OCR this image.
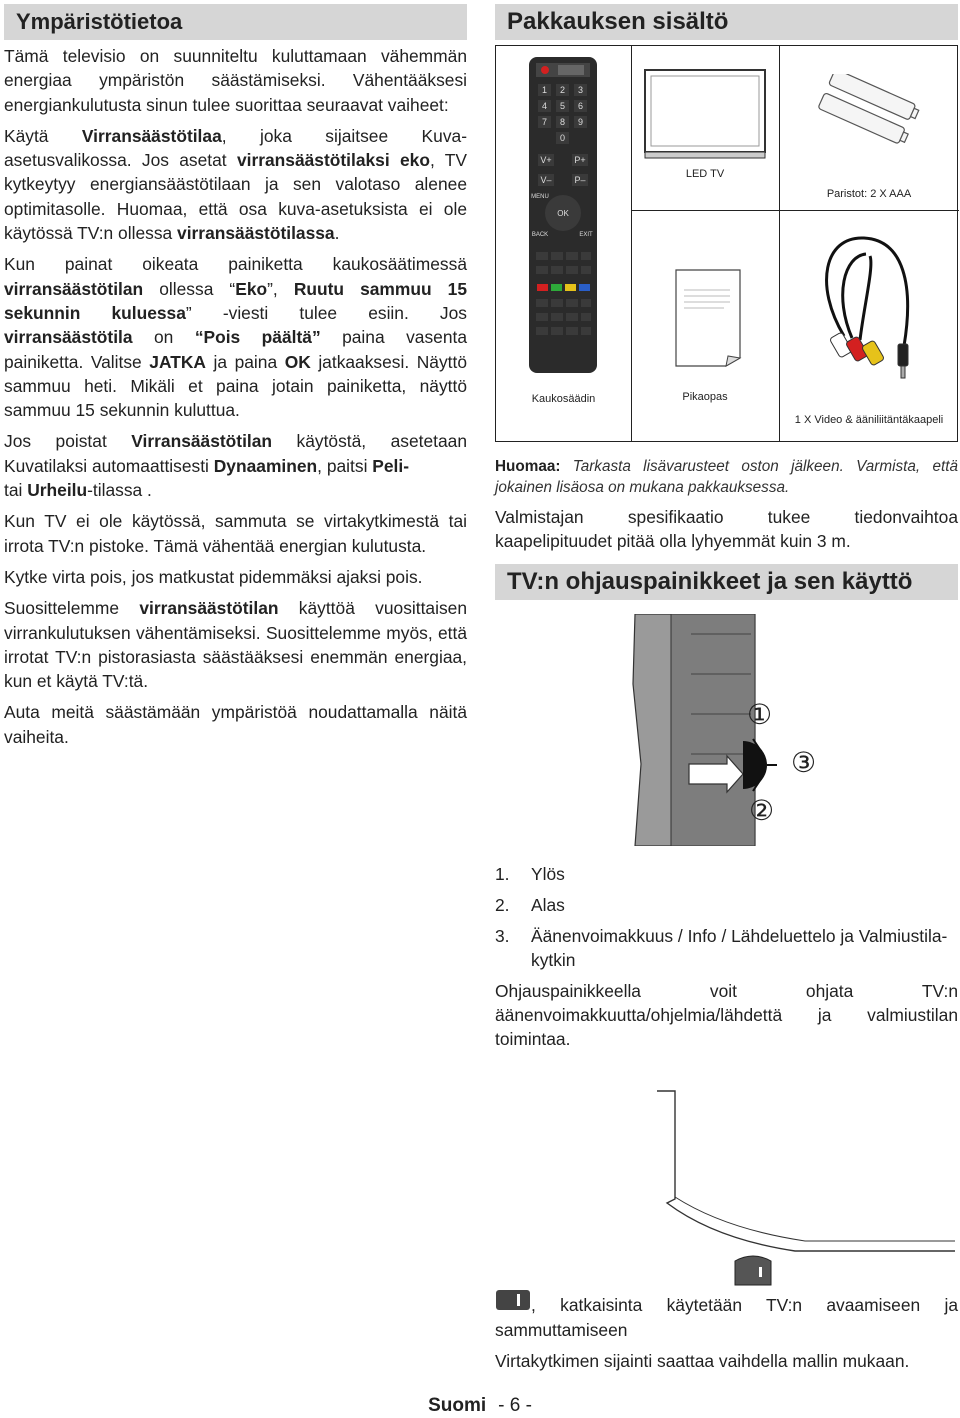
Ympäristötietoa

Tämä televisio on suunniteltu kuluttamaan vähemmän energiaa ympäristön säästämiseksi. Vähentääksesi energiankulutusta sinun tulee suorittaa seuraavat vaiheet:

Käytä Virransäästötilaa, joka sijaitsee Kuva-asetusvalikossa. Jos asetat virransäästötilaksi eko, TV kytkeytyy energiansäästötilaan ja sen valotaso alenee optimitasolle. Huomaa, että osa kuva-asetuksista ei ole käytössä TV:n ollessa virransäästötilassa.

Kun painat oikeata painiketta kaukosäätimessä virransäästötilan ollessa “Eko”, Ruutu sammuu 15 sekunnin kuluessa” -viesti tulee esiin. Jos virransäästötila on “Pois päältä” paina vasenta painiketta. Valitse JATKA ja paina OK jatkaaksesi. Näyttö sammuu heti. Mikäli et paina jotain painiketta, näyttö sammuu 15 sekunnin kuluttua.

Jos poistat Virransäästötilan käytöstä, asetetaan Kuvatilaksi automaattisesti Dynaaminen, paitsi Peli-
tai Urheilu-tilassa .

Kun TV ei ole käytössä, sammuta se virtakytkimestä tai irrota TV:n pistoke. Tämä vähentää energian kulutusta.

Kytke virta pois, jos matkustat pidemmäksi ajaksi pois.

Suosittelemme virransäästötilan käyttöä vuosittaisen virrankulutuksen vähentämiseksi. Suosittelemme myös, että irrotat TV:n pistorasiasta säästääksesi enemmän energiaa, kun et käytä TV:tä.

Auta meitä säästämään ympäristöä noudattamalla näitä vaiheita.

Pakkauksen sisältö
1 2 3
4 5 6
7 8 9
0
V+	P+
V–	P–
MENU
OK
BACK	EXIT
Kaukosäädin
LED TV
Paristot: 2 X AAA
Pikaopas
1 X Video & ääniliitäntäkaapeli

Huomaa: Tarkasta lisävarusteet oston jälkeen. Varmista, että jokainen lisäosa on mukana pakkauksessa.

Valmistajan spesifikaatio tukee tiedonvaihtoa kaapelipituudet pitää olla lyhyemmät kuin 3 m.

TV:n ohjauspainikkeet ja sen käyttö
①
③
②
1.	Ylös
2.	Alas
3.	Äänenvoimakkuus / Info / Lähdeluettelo ja Valmiustila-kytkin

Ohjauspainikkeella voit ohjata TV:n äänenvoimakkuutta/ohjelmia/lähdettä ja valmiustilan toimintaa.

, katkaisinta käytetään TV:n avaamiseen ja sammuttamiseen

Virtakytkimen sijainti saattaa vaihdella mallin mukaan.

Suomi - 6 -
